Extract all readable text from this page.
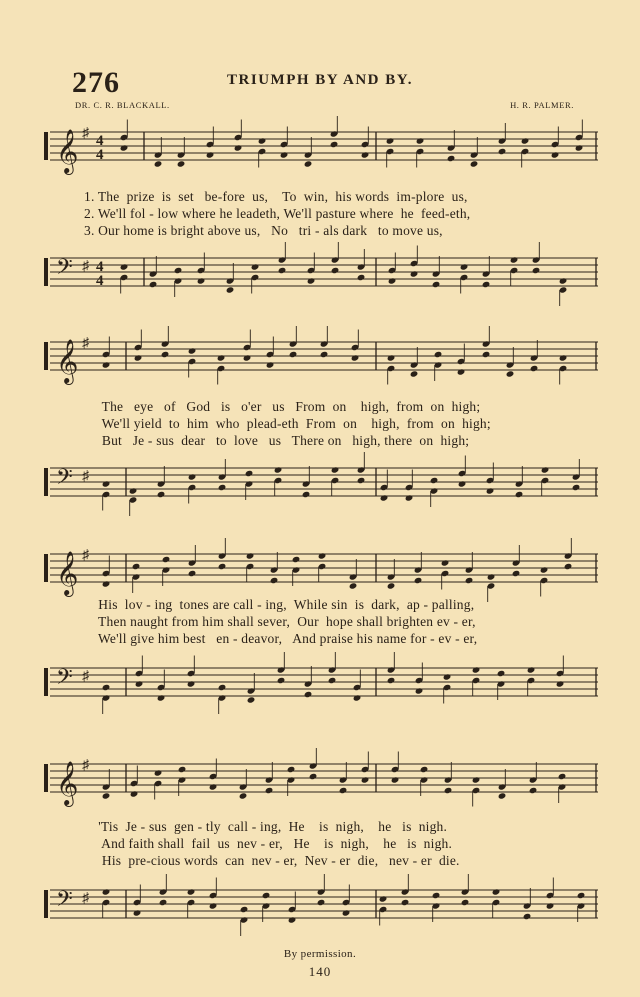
276	TRIUMPH BY AND BY.
DR. C. R. BLACKALL.	H. R. PALMER.
𝄞 ♯ 4
4
1. The  prize  is  set   be-fore  us,    To  win,  his words  im-plore  us,
2. We'll fol - low where he leadeth, We'll pasture where  he  feed-eth,
3. Our home is bright above us,   No   tri - als dark   to move us,
𝄢 ♯ 4
4
𝄞 ♯
The   eye   of   God   is   o'er   us   From  on    high,  from  on  high;
We'll yield  to  him  who  plead-eth  From  on    high,  from  on  high;
But   Je - sus  dear   to  love   us   There on   high, there  on  high;
𝄢 ♯
𝄞 ♯
His  lov - ing  tones are call - ing,  While sin  is  dark,  ap - palling,
Then naught from him shall sever,  Our  hope shall brighten ev - er,
We'll give him best   en - deavor,   And praise his name for - ev - er,
𝄢 ♯
𝄞 ♯
'Tis  Je - sus  gen - tly  call - ing,  He    is  nigh,    he   is  nigh.
And faith shall  fail  us  nev - er,   He    is  nigh,    he   is  nigh.
His  pre-cious words  can  nev - er,  Nev - er  die,   nev - er  die.
𝄢 ♯
By permission.
140
